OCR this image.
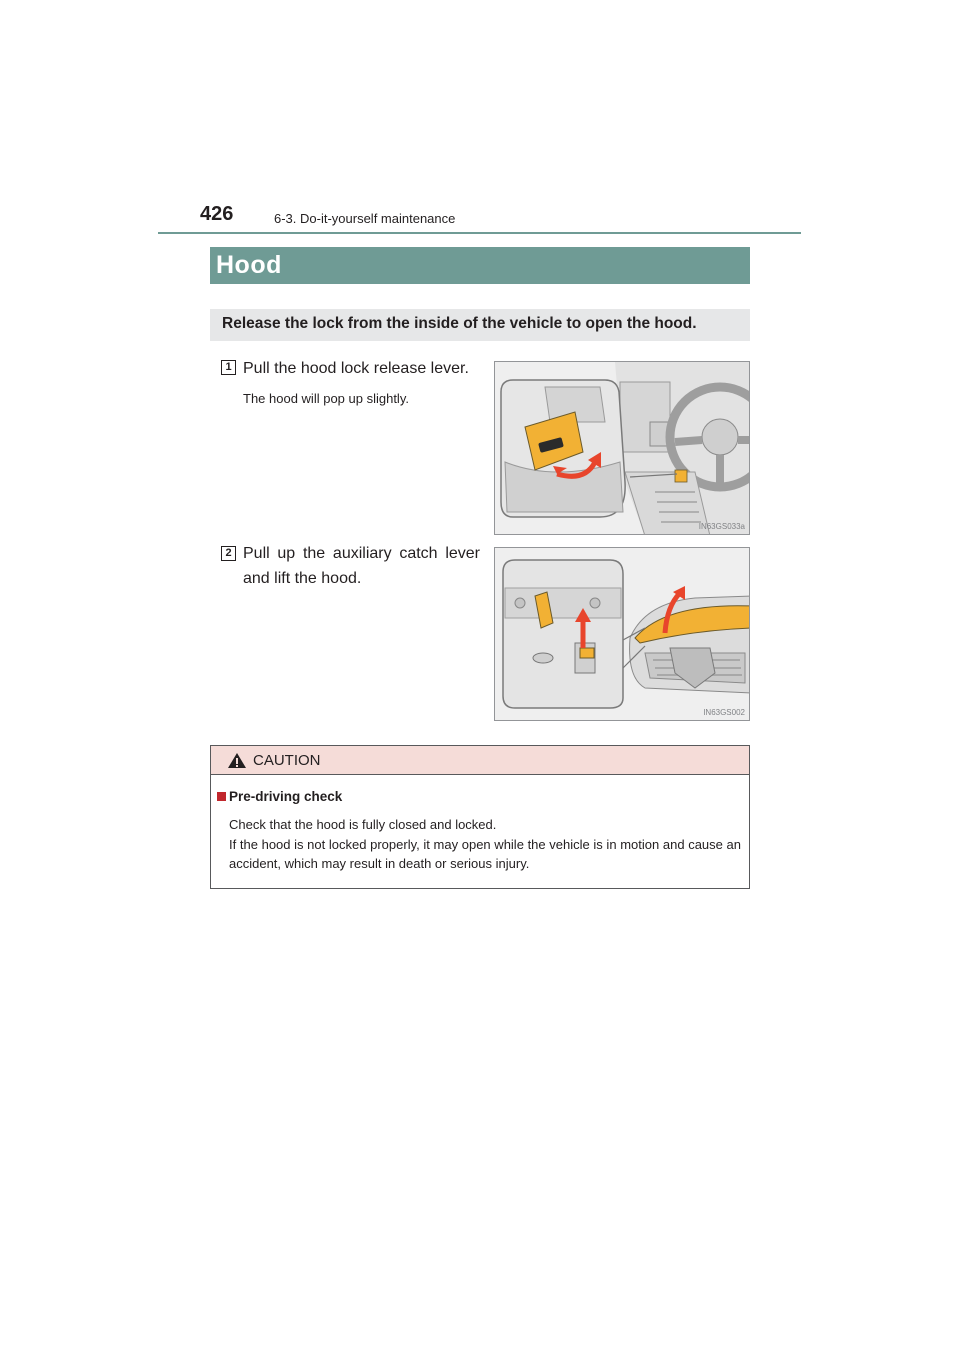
426	6-3. Do-it-yourself maintenance
Hood
Release the lock from the inside of the vehicle to open the hood.
1 Pull the hood lock release lever.
The hood will pop up slightly.
IN63GS033a
2 Pull up the auxiliary catch lever
and lift the hood.
IN63GS002
CAUTION
Pre-driving check

Check that the hood is fully closed and locked.

If the hood is not locked properly, it may open while the vehicle is in motion and cause an accident, which may result in death or serious injury.
